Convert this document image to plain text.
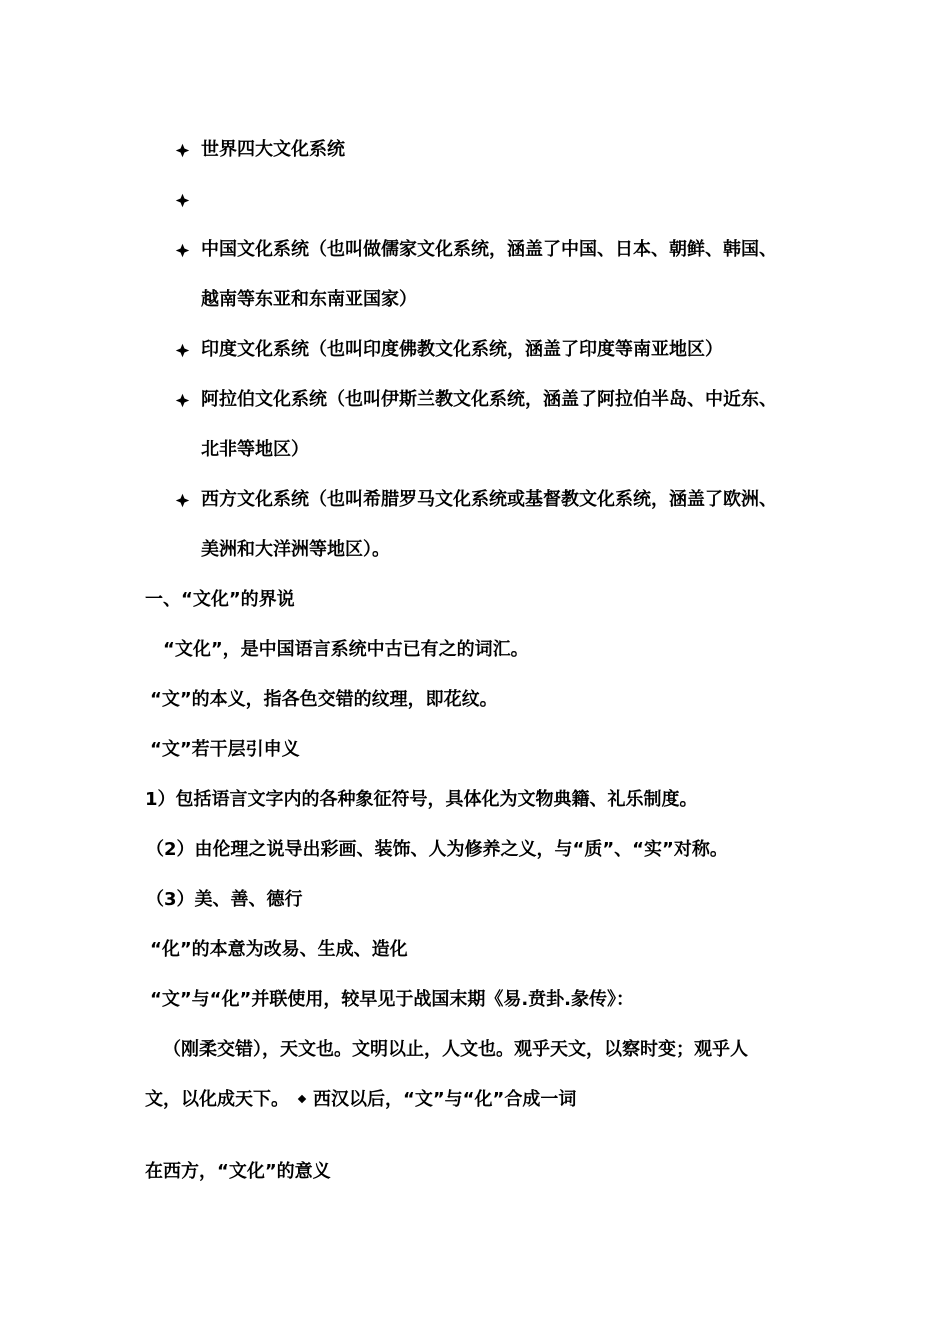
世界四大文化系统
中国文化系统（也叫做儒家文化系统，涵盖了中国、日本、朝鲜、韩国、
越南等东亚和东南亚国家）
印度文化系统（也叫印度佛教文化系统，涵盖了印度等南亚地区）
阿拉伯文化系统（也叫伊斯兰教文化系统，涵盖了阿拉伯半岛、中近东、
北非等地区）
西方文化系统（也叫希腊罗马文化系统或基督教文化系统，涵盖了欧洲、
美洲和大洋洲等地区）。
一、“文化”的界说
“文化”，是中国语言系统中古已有之的词汇。
“文”的本义，指各色交错的纹理，即花纹。
“文”若干层引申义
1）包括语言文字内的各种象征符号，具体化为文物典籍、礼乐制度。
（2）由伦理之说导出彩画、装饰、人为修养之义，与“质”、“实”对称。
（3）美、善、德行
“化”的本意为改易、生成、造化
“文”与“化”并联使用，较早见于战国末期《易.贲卦.彖传》：
（刚柔交错），天文也。文明以止，人文也。观乎天文，以察时变；观乎人
文，以化成天下。 西汉以后，“文”与“化”合成一词
在西方，“文化”的意义
